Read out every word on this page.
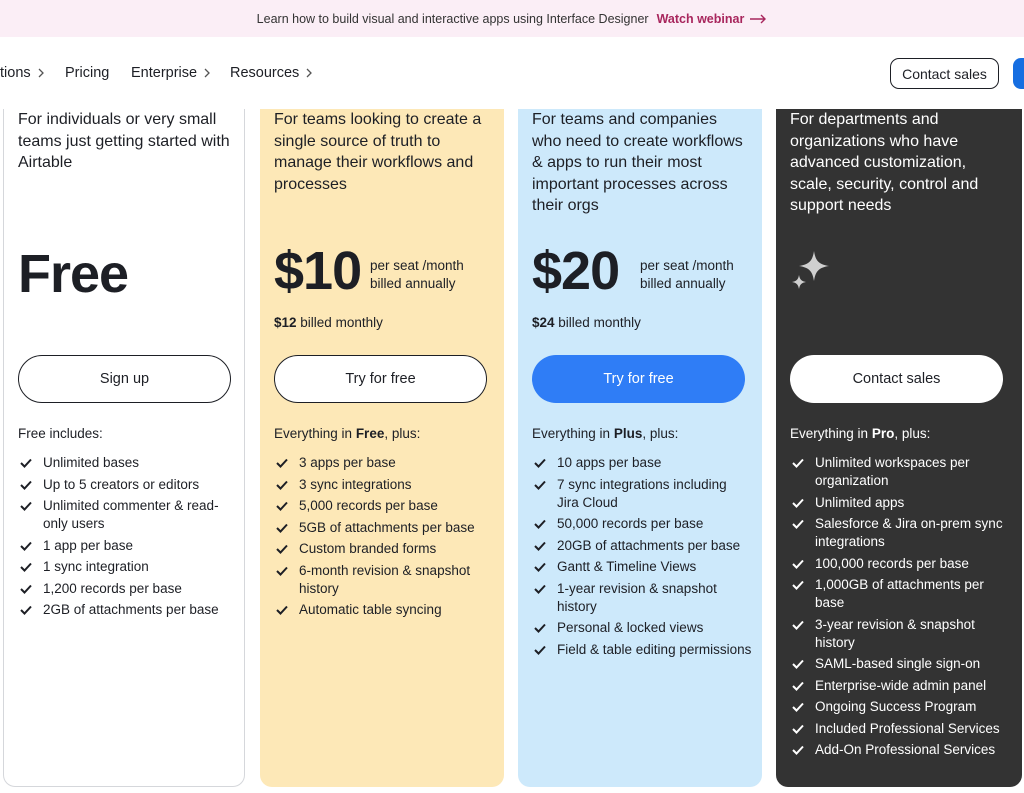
Learn how to build visual and interactive apps using Interface Designer Watch webinar
tions Pricing Enterprise Resources	Contact sales
For individuals or very small teams just getting started with Airtable
Free
Sign up
Free includes:
Unlimited bases
Up to 5 creators or editors
Unlimited commenter & read-only users
1 app per base
1 sync integration
1,200 records per base
2GB of attachments per base
For teams looking to create a single source of truth to manage their workflows and processes
$10 per seat /month
billed annually
$12 billed monthly
Try for free
Everything in Free, plus:
3 apps per base
3 sync integrations
5,000 records per base
5GB of attachments per base
Custom branded forms
6-month revision & snapshot history
Automatic table syncing
For teams and companies who need to create workflows & apps to run their most important processes across their orgs
$20 per seat /month
billed annually
$24 billed monthly
Try for free
Everything in Plus, plus:
10 apps per base
7 sync integrations including Jira Cloud
50,000 records per base
20GB of attachments per base
Gantt & Timeline Views
1-year revision & snapshot history
Personal & locked views
Field & table editing permissions
For departments and organizations who have advanced customization, scale, security, control and support needs
Contact sales
Everything in Pro, plus:
Unlimited workspaces per organization
Unlimited apps
Salesforce & Jira on-prem sync integrations
100,000 records per base
1,000GB of attachments per base
3-year revision & snapshot history
SAML-based single sign-on
Enterprise-wide admin panel
Ongoing Success Program
Included Professional Services
Add-On Professional Services
